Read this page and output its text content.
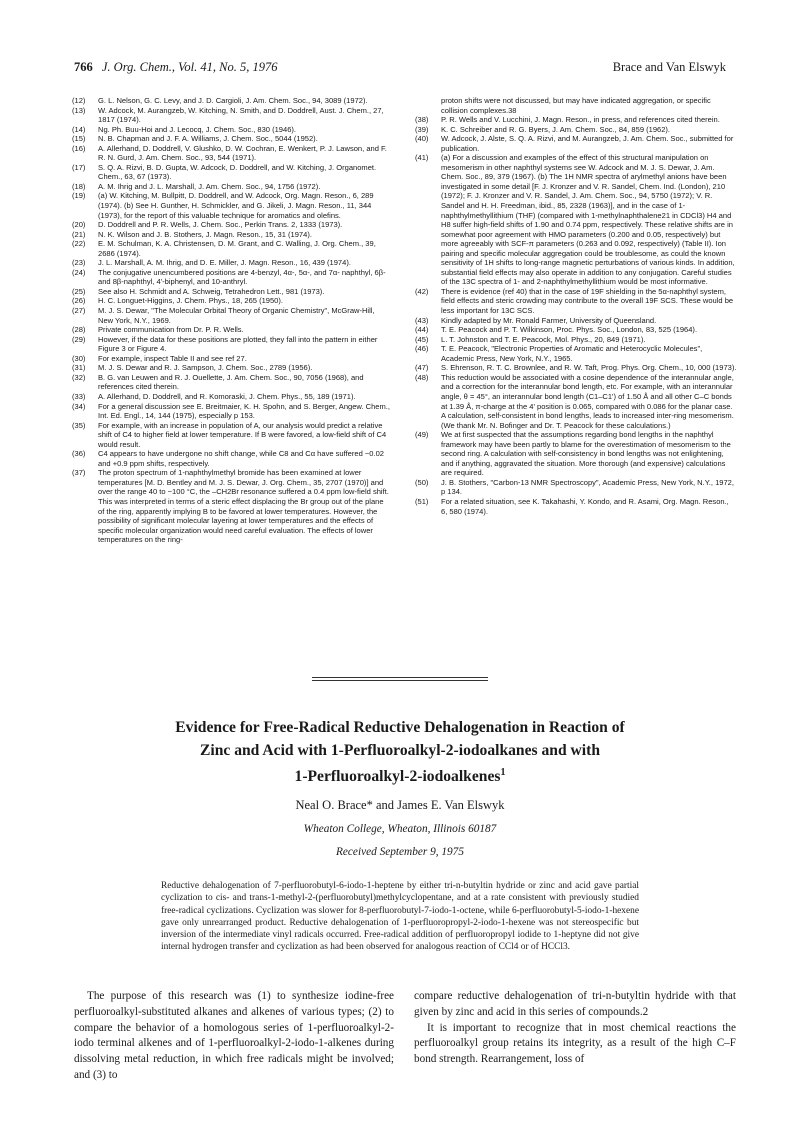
766 J. Org. Chem., Vol. 41, No. 5, 1976	Brace and Van Elswyk
(12)	G. L. Nelson, G. C. Levy, and J. D. Cargioli, J. Am. Chem. Soc., 94, 3089 (1972).
(13)	W. Adcock, M. Aurangzeb, W. Kitching, N. Smith, and D. Doddrell, Aust. J. Chem., 27, 1817 (1974).
(14)	Ng. Ph. Buu-Hoi and J. Lecocq, J. Chem. Soc., 830 (1946).
(15)	N. B. Chapman and J. F. A. Williams, J. Chem. Soc., 5044 (1952).
(16)	A. Allerhand, D. Doddrell, V. Glushko, D. W. Cochran, E. Wenkert, P. J. Lawson, and F. R. N. Gurd, J. Am. Chem. Soc., 93, 544 (1971).
(17)	S. Q. A. Rizvi, B. D. Gupta, W. Adcock, D. Doddrell, and W. Kitching, J. Organomet. Chem., 63, 67 (1973).
(18)	A. M. Ihrig and J. L. Marshall, J. Am. Chem. Soc., 94, 1756 (1972).
(19)	(a) W. Kitching, M. Bullpitt, D. Doddrell, and W. Adcock, Org. Magn. Reson., 6, 289 (1974). (b) See H. Gunther, H. Schmickler, and G. Jikeli, J. Magn. Reson., 11, 344 (1973), for the report of this valuable technique for aromatics and olefins.
(20)	D. Doddrell and P. R. Wells, J. Chem. Soc., Perkin Trans. 2, 1333 (1973).
(21)	N. K. Wilson and J. B. Stothers, J. Magn. Reson., 15, 31 (1974).
(22)	E. M. Schulman, K. A. Christensen, D. M. Grant, and C. Walling, J. Org. Chem., 39, 2686 (1974).
(23)	J. L. Marshall, A. M. Ihrig, and D. E. Miller, J. Magn. Reson., 16, 439 (1974).
(24)	The conjugative unencumbered positions are 4-benzyl, 4α-, 5α-, and 7α- naphthyl, 6β- and 8β-naphthyl, 4'-biphenyl, and 10-anthryl.
(25)	See also H. Schmidt and A. Schweig, Tetrahedron Lett., 981 (1973).
(26)	H. C. Longuet-Higgins, J. Chem. Phys., 18, 265 (1950).
(27)	M. J. S. Dewar, "The Molecular Orbital Theory of Organic Chemistry", McGraw-Hill, New York, N.Y., 1969.
(28)	Private communication from Dr. P. R. Wells.
(29)	However, if the data for these positions are plotted, they fall into the pattern in either Figure 3 or Figure 4.
(30)	For example, inspect Table II and see ref 27.
(31)	M. J. S. Dewar and R. J. Sampson, J. Chem. Soc., 2789 (1956).
(32)	B. G. van Leuwen and R. J. Ouellette, J. Am. Chem. Soc., 90, 7056 (1968), and references cited therein.
(33)	A. Allerhand, D. Doddrell, and R. Komoraski, J. Chem. Phys., 55, 189 (1971).
(34)	For a general discussion see E. Breitmaier, K. H. Spohn, and S. Berger, Angew. Chem., Int. Ed. Engl., 14, 144 (1975), especially p 153.
(35)	For example, with an increase in population of A, our analysis would predict a relative shift of C4 to higher field at lower temperature. If B were favored, a low-field shift of C4 would result.
(36)	C4 appears to have undergone no shift change, while C8 and Cα have suffered −0.02 and +0.9 ppm shifts, respectively.
(37)	The proton spectrum of 1-naphthylmethyl bromide has been examined at lower temperatures [M. D. Bentley and M. J. S. Dewar, J. Org. Chem., 35, 2707 (1970)] and over the range 40 to −100 °C, the –CH2Br resonance suffered a 0.4 ppm low-field shift. This was interpreted in terms of a steric effect displacing the Br group out of the plane of the ring, apparently implying B to be favored at lower temperatures. However, the possibility of significant molecular layering at lower temperatures and the effects of specific molecular organization would need careful evaluation. The effects of lower temperatures on the ring-
proton shifts were not discussed, but may have indicated aggregation, or specific collision complexes.38
(38)	P. R. Wells and V. Lucchini, J. Magn. Reson., in press, and references cited therein.
(39)	K. C. Schreiber and R. G. Byers, J. Am. Chem. Soc., 84, 859 (1962).
(40)	W. Adcock, J. Alste, S. Q. A. Rizvi, and M. Aurangzeb, J. Am. Chem. Soc., submitted for publication.
(41)	(a) For a discussion and examples of the effect of this structural manipulation on mesomerism in other naphthyl systems see W. Adcock and M. J. S. Dewar, J. Am. Chem. Soc., 89, 379 (1967). (b) The 1H NMR spectra of arylmethyl anions have been investigated in some detail [F. J. Kronzer and V. R. Sandel, Chem. Ind. (London), 210 (1972); F. J. Kronzer and V. R. Sandel, J. Am. Chem. Soc., 94, 5750 (1972); V. R. Sandel and H. H. Freedman, ibid., 85, 2328 (1963)], and in the case of 1-naphthylmethyllithium (THF) (compared with 1-methylnaphthalene21 in CDCl3) H4 and H8 suffer high-field shifts of 1.90 and 0.74 ppm, respectively. These relative shifts are in somewhat poor agreement with HMO parameters (0.200 and 0.05, respectively) but more agreeably with SCF-π parameters (0.263 and 0.092, respectively) (Table II). Ion pairing and specific molecular aggregation could be troublesome, as could the known sensitivity of 1H shifts to long-range magnetic perturbations of various kinds. In addition, substantial field effects may also operate in addition to any conjugation. Careful studies of the 13C spectra of 1- and 2-naphthylmethyllithium would be most informative.
(42)	There is evidence (ref 40) that in the case of 19F shielding in the 5α-naphthyl system, field effects and steric crowding may contribute to the overall 19F SCS. These would be less important for 13C SCS.
(43)	Kindly adapted by Mr. Ronald Farmer, University of Queensland.
(44)	T. E. Peacock and P. T. Wilkinson, Proc. Phys. Soc., London, 83, 525 (1964).
(45)	L. T. Johnston and T. E. Peacock, Mol. Phys., 20, 849 (1971).
(46)	T. E. Peacock, "Electronic Properties of Aromatic and Heterocyclic Molecules", Academic Press, New York, N.Y., 1965.
(47)	S. Ehrenson, R. T. C. Brownlee, and R. W. Taft, Prog. Phys. Org. Chem., 10, 000 (1973).
(48)	This reduction would be associated with a cosine dependence of the interannular angle, and a correction for the interannular bond length, etc. For example, with an interannular angle, θ = 45°, an interannular bond length (C1–C1') of 1.50 Å and all other C–C bonds at 1.39 Å, π-charge at the 4' position is 0.065, compared with 0.086 for the planar case. A calculation, self-consistent in bond lengths, leads to increased inter-ring mesomerism. (We thank Mr. N. Bofinger and Dr. T. Peacock for these calculations.)
(49)	We at first suspected that the assumptions regarding bond lengths in the naphthyl framework may have been partly to blame for the overestimation of mesomerism to the second ring. A calculation with self-consistency in bond lengths was not enlightening, and if anything, aggravated the situation. More thorough (and expensive) calculations are required.
(50)	J. B. Stothers, "Carbon-13 NMR Spectroscopy", Academic Press, New York, N.Y., 1972, p 134.
(51)	For a related situation, see K. Takahashi, Y. Kondo, and R. Asami, Org. Magn. Reson., 6, 580 (1974).
Evidence for Free-Radical Reductive Dehalogenation in Reaction of
Zinc and Acid with 1-Perfluoroalkyl-2-iodoalkanes and with
1-Perfluoroalkyl-2-iodoalkenes$^1$
Neal O. Brace* and James E. Van Elswyk
Wheaton College, Wheaton, Illinois 60187
Received September 9, 1975
Reductive dehalogenation of 7-perfluorobutyl-6-iodo-1-heptene by either tri-n-butyltin hydride or zinc and acid gave partial cyclization to cis- and trans-1-methyl-2-(perfluorobutyl)methylcyclopentane, and at a rate consistent with previously studied free-radical cyclizations. Cyclization was slower for 8-perfluorobutyl-7-iodo-1-octene, while 6-perfluorobutyl-5-iodo-1-hexene gave only unrearranged product. Reductive dehalogenation of 1-perfluoropropyl-2-iodo-1-hexene was not stereospecific but inversion of the intermediate vinyl radicals occurred. Free-radical addition of perfluoropropyl iodide to 1-heptyne did not give internal hydrogen transfer and cyclization as had been observed for analogous reaction of CCl4 or of HCCl3.

The purpose of this research was (1) to synthesize iodine-free perfluoroalkyl-substituted alkanes and alkenes of various types; (2) to compare the behavior of a homologous series of 1-perfluoroalkyl-2-iodo terminal alkenes and of 1-perfluoroalkyl-2-iodo-1-alkenes during dissolving metal reduction, in which free radicals might be involved; and (3) to

compare reductive dehalogenation of tri-n-butyltin hydride with that given by zinc and acid in this series of compounds.2

It is important to recognize that in most chemical reactions the perfluoroalkyl group retains its integrity, as a result of the high C–F bond strength. Rearrangement, loss of
